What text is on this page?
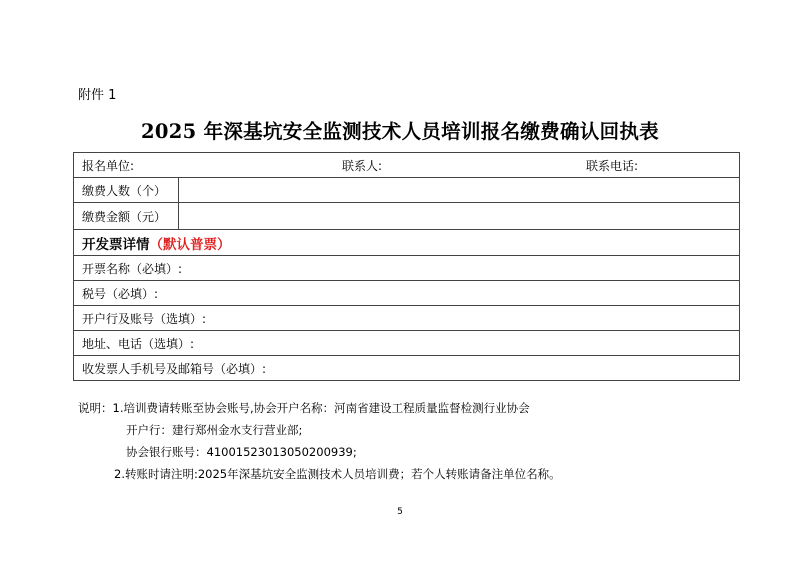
附件 1
2025 年深基坑安全监测技术人员培训报名缴费确认回执表
报名单位:	联系人:	联系电话:
缴费人数（个）
缴费金额（元）
开发票详情 （默认普票）
开票名称（必填）:
税号（必填）:
开户行及账号（选填）:
地址、电话（选填）:
收发票人手机号及邮箱号（必填）:
说明：1.培训费请转账至协会账号,协会开户名称：河南省建设工程质量监督检测行业协会
开户行：建行郑州金水支行营业部;
协会银行账号：41001523013050200939;
2.转账时请注明:2025年深基坑安全监测技术人员培训费；若个人转账请备注单位名称。
5
